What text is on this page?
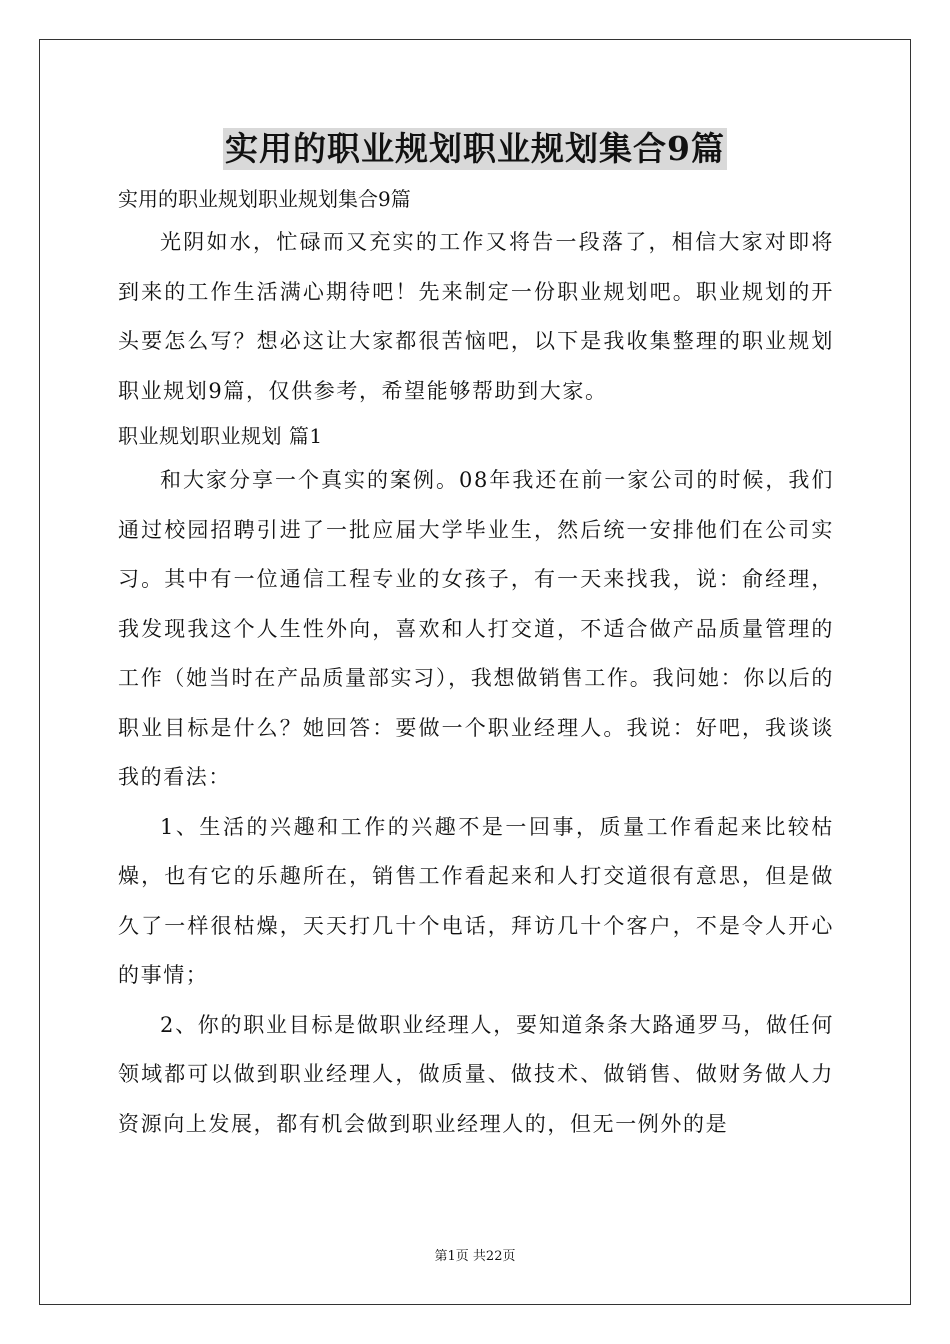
实用的职业规划职业规划集合9篇

实用的职业规划职业规划集合9篇

光阴如水，忙碌而又充实的工作又将告一段落了，相信大家对即将到来的工作生活满心期待吧！先来制定一份职业规划吧。职业规划的开头要怎么写？想必这让大家都很苦恼吧，以下是我收集整理的职业规划职业规划9篇，仅供参考，希望能够帮助到大家。

职业规划职业规划 篇1

和大家分享一个真实的案例。08年我还在前一家公司的时候，我们通过校园招聘引进了一批应届大学毕业生，然后统一安排他们在公司实习。其中有一位通信工程专业的女孩子，有一天来找我，说：俞经理，我发现我这个人生性外向，喜欢和人打交道，不适合做产品质量管理的工作（她当时在产品质量部实习），我想做销售工作。我问她：你以后的职业目标是什么？她回答：要做一个职业经理人。我说：好吧，我谈谈我的看法：

1、生活的兴趣和工作的兴趣不是一回事，质量工作看起来比较枯燥，也有它的乐趣所在，销售工作看起来和人打交道很有意思，但是做久了一样很枯燥，天天打几十个电话，拜访几十个客户，不是令人开心的事情；

2、你的职业目标是做职业经理人，要知道条条大路通罗马，做任何领域都可以做到职业经理人，做质量、做技术、做销售、做财务做人力资源向上发展，都有机会做到职业经理人的，但无一例外的是

第1页 共22页
